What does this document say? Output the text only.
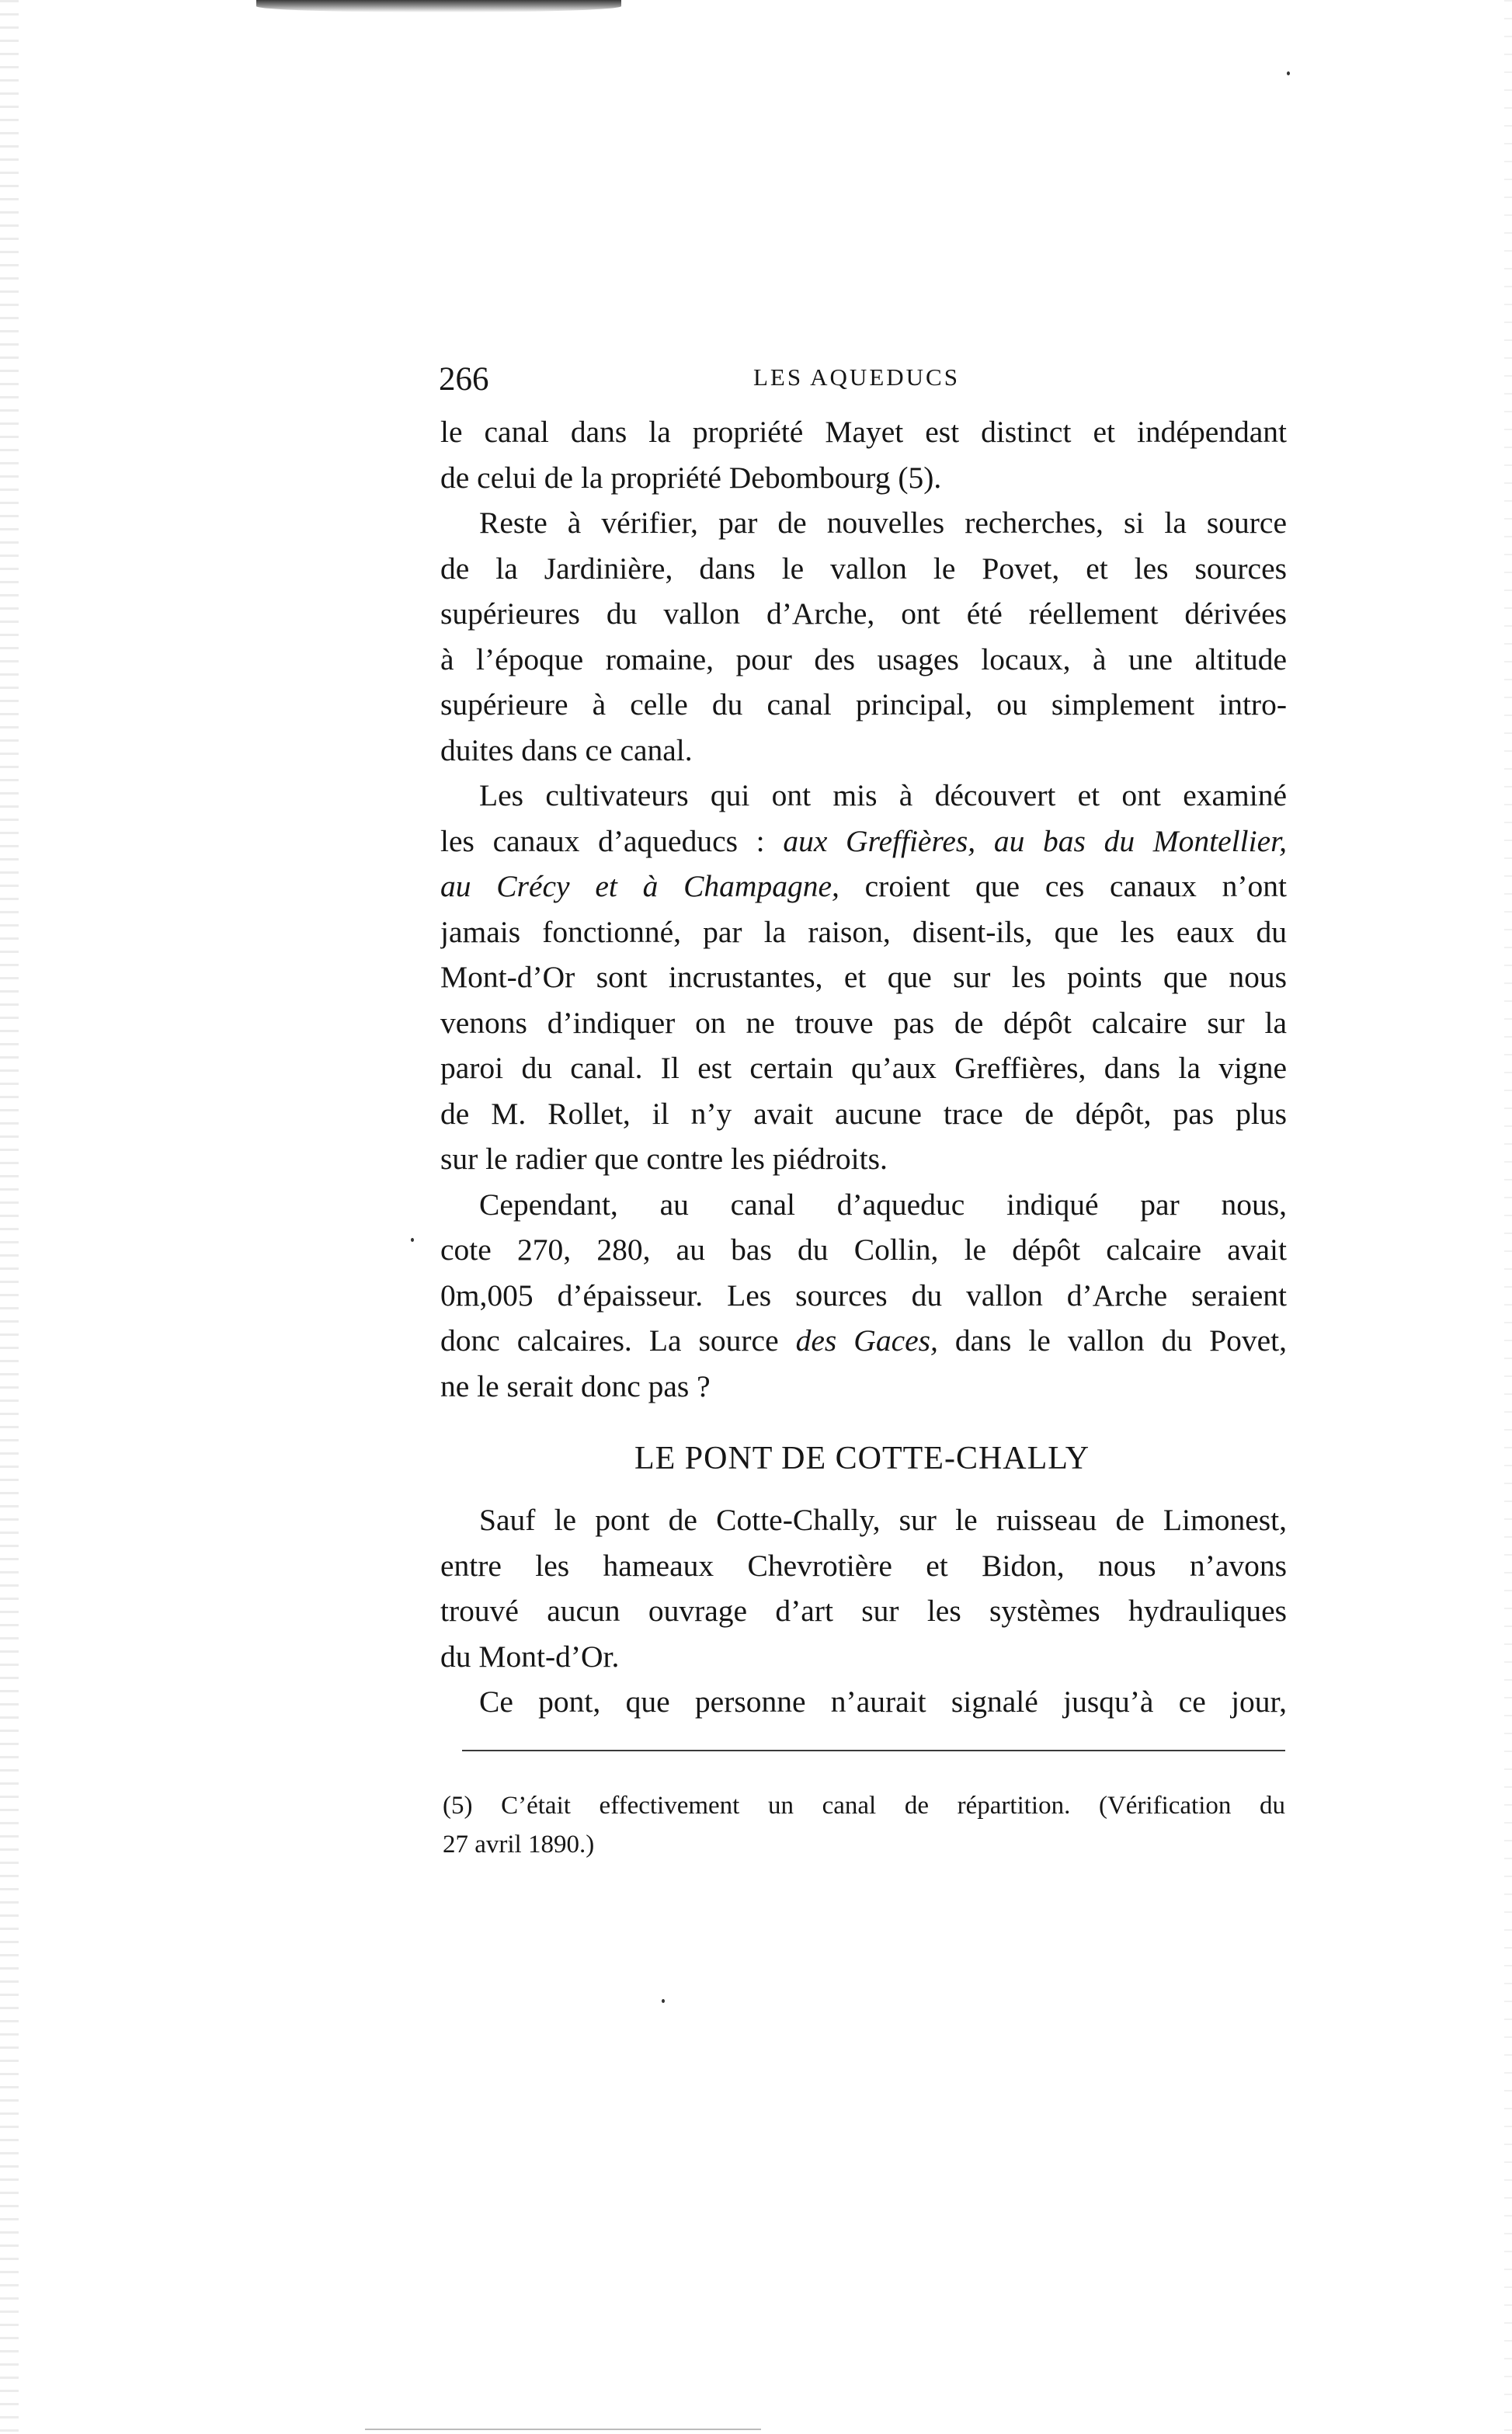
266	LES AQUEDUCS
le canal dans la propriété Mayet est distinct et indépendant
de celui de la propriété Debombourg (5).
Reste à vérifier, par de nouvelles recherches, si la source
de la Jardinière, dans le vallon le Povet, et les sources
supérieures du vallon d’Arche, ont été réellement dérivées
à l’époque romaine, pour des usages locaux, à une altitude
supérieure à celle du canal principal, ou simplement intro-
duites dans ce canal.
Les cultivateurs qui ont mis à découvert et ont examiné
les canaux d’aqueducs : aux Greffières, au bas du Montellier,
au Crécy et à Champagne, croient que ces canaux n’ont
jamais fonctionné, par la raison, disent-ils, que les eaux du
Mont-d’Or sont incrustantes, et que sur les points que nous
venons d’indiquer on ne trouve pas de dépôt calcaire sur la
paroi du canal. Il est certain qu’aux Greffières, dans la vigne
de M. Rollet, il n’y avait aucune trace de dépôt, pas plus
sur le radier que contre les piédroits.
Cependant, au canal d’aqueduc indiqué par nous,
cote 270, 280, au bas du Collin, le dépôt calcaire avait
0m,005 d’épaisseur. Les sources du vallon d’Arche seraient
donc calcaires. La source des Gaces, dans le vallon du Povet,
ne le serait donc pas ?
LE PONT DE COTTE-CHALLY
Sauf le pont de Cotte-Chally, sur le ruisseau de Limonest,
entre les hameaux Chevrotière et Bidon, nous n’avons
trouvé aucun ouvrage d’art sur les systèmes hydrauliques
du Mont-d’Or.
Ce pont, que personne n’aurait signalé jusqu’à ce jour,
(5) C’était effectivement un canal de répartition. (Vérification du
27 avril 1890.)
